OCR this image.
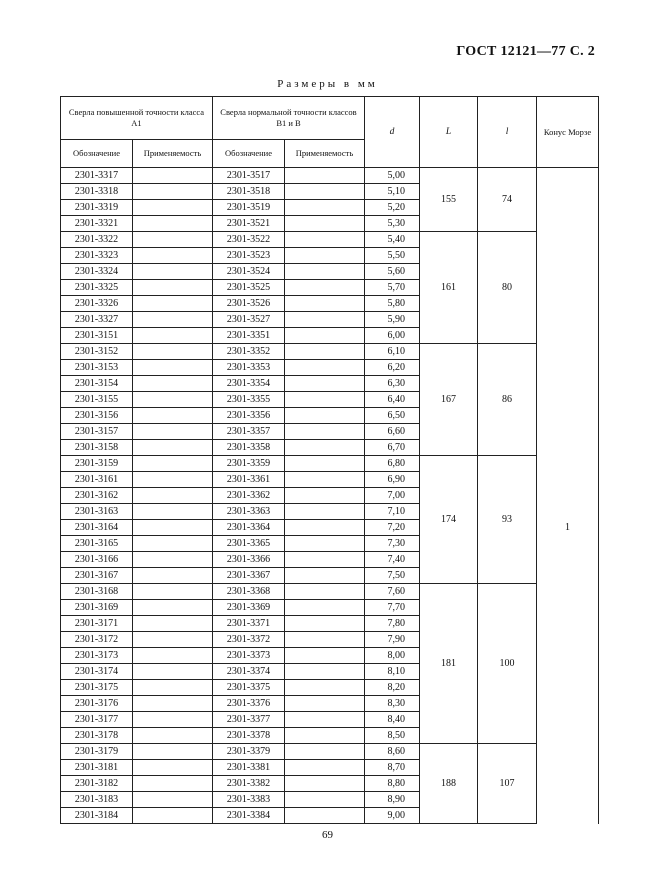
ГОСТ 12121—77 С. 2
Размеры в мм
Сверла повышенной точности класса А1		Сверла нормальной точности классов В1 и В		d	L	l	Конус Морзе
Обозначение	Применяемость	Обозначение	Применяемость				
2301-3317		2301-3517		5,00	155	74	
2301-3318		2301-3518		5,10			
2301-3319		2301-3519		5,20			
2301-3321		2301-3521		5,30			
2301-3322		2301-3522		5,40	161	80	1
2301-3323		2301-3523		5,50			
2301-3324		2301-3524		5,60			
2301-3325		2301-3525		5,70			
2301-3326		2301-3526		5,80			
2301-3327		2301-3527		5,90			
2301-3151		2301-3351		6,00			
2301-3152		2301-3352		6,10	167	86	
2301-3153		2301-3353		6,20			
2301-3154		2301-3354		6,30			
2301-3155		2301-3355		6,40			
2301-3156		2301-3356		6,50			
2301-3157		2301-3357		6,60			
2301-3158		2301-3358		6,70			
2301-3159		2301-3359		6,80	174	93	
2301-3161		2301-3361		6,90			
2301-3162		2301-3362		7,00			
2301-3163		2301-3363		7,10			
2301-3164		2301-3364		7,20			
2301-3165		2301-3365		7,30			
2301-3166		2301-3366		7,40			
2301-3167		2301-3367		7,50			
2301-3168		2301-3368		7,60	181	100	
2301-3169		2301-3369		7,70			
2301-3171		2301-3371		7,80			
2301-3172		2301-3372		7,90			
2301-3173		2301-3373		8,00			
2301-3174		2301-3374		8,10			
2301-3175		2301-3375		8,20			
2301-3176		2301-3376		8,30			
2301-3177		2301-3377		8,40			
2301-3178		2301-3378		8,50			
2301-3179		2301-3379		8,60	188	107	
2301-3181		2301-3381		8,70			
2301-3182		2301-3382		8,80			
2301-3183		2301-3383		8,90			
2301-3184		2301-3384		9,00			
69
